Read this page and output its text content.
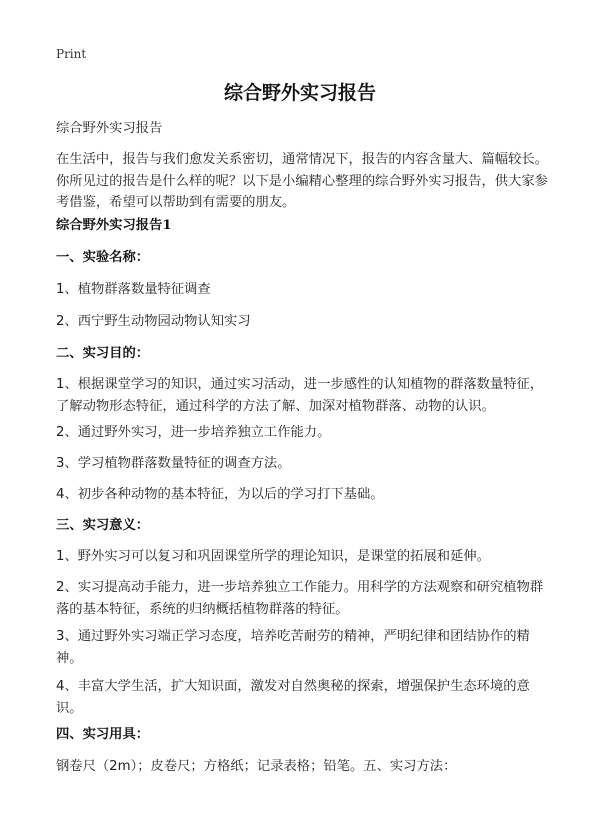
Print
综合野外实习报告
综合野外实习报告
在生活中，报告与我们愈发关系密切，通常情况下，报告的内容含量大、篇幅较长。你所见过的报告是什么样的呢？以下是小编精心整理的综合野外实习报告，供大家参考借鉴，希望可以帮助到有需要的朋友。
综合野外实习报告1
一、实验名称：
1、植物群落数量特征调查
2、西宁野生动物园动物认知实习
二、实习目的：
1、根据课堂学习的知识，通过实习活动，进一步感性的认知植物的群落数量特征，了解动物形态特征，通过科学的方法了解、加深对植物群落、动物的认识。
2、通过野外实习，进一步培养独立工作能力。
3、学习植物群落数量特征的调查方法。
4、初步各种动物的基本特征，为以后的学习打下基础。
三、实习意义：
1、野外实习可以复习和巩固课堂所学的理论知识，是课堂的拓展和延伸。
2、实习提高动手能力，进一步培养独立工作能力。用科学的方法观察和研究植物群落的基本特征，系统的归纳概括植物群落的特征。
3、通过野外实习端正学习态度，培养吃苦耐劳的精神，严明纪律和团结协作的精神。
4、丰富大学生活，扩大知识面，激发对自然奥秘的探索，增强保护生态环境的意识。
四、实习用具：
钢卷尺（2m）；皮卷尺；方格纸；记录表格；铅笔。五、实习方法：
